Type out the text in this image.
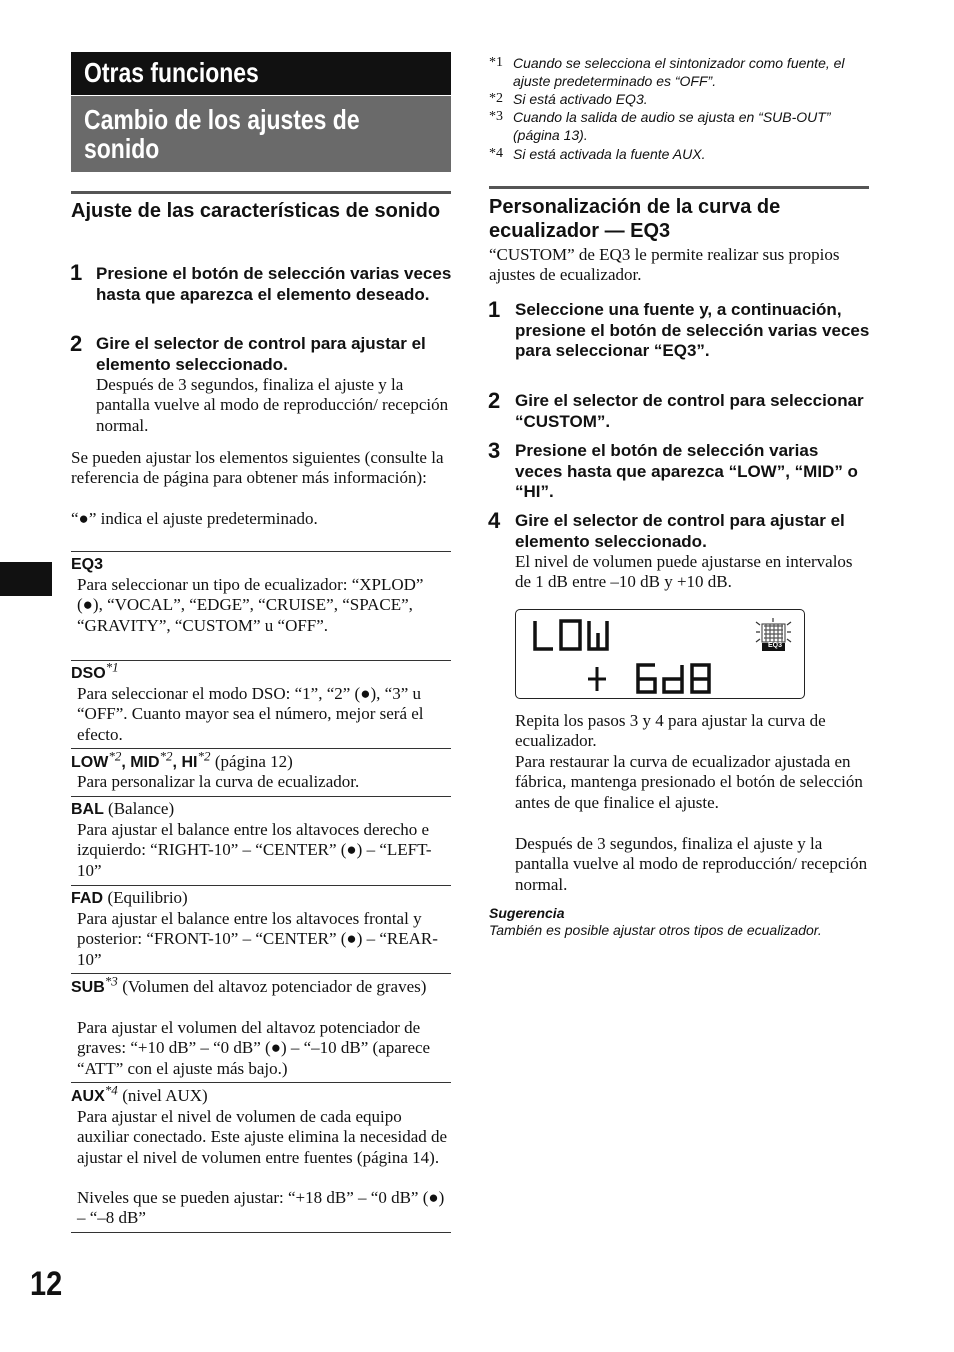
Otras funciones
Cambio de los ajustes de sonido
Ajuste de las características de sonido
1 Presione el botón de selección varias veces hasta que aparezca el elemento deseado.
2 Gire el selector de control para ajustar el elemento seleccionado.
Después de 3 segundos, finaliza el ajuste y la pantalla vuelve al modo de reproducción/ recepción normal.
Se pueden ajustar los elementos siguientes (consulte la referencia de página para obtener más información):
“●” indica el ajuste predeterminado.
EQ3
Para seleccionar un tipo de ecualizador: “XPLOD” (●), “VOCAL”, “EDGE”, “CRUISE”, “SPACE”, “GRAVITY”, “CUSTOM” u “OFF”.
DSO$^{*1}$
Para seleccionar el modo DSO: “1”, “2” (●), “3” u “OFF”. Cuanto mayor sea el número, mejor será el efecto.
LOW$^{*2}$, MID$^{*2}$, HI$^{*2}$ (página 12)
Para personalizar la curva de ecualizador.
BAL (Balance)
Para ajustar el balance entre los altavoces derecho e izquierdo: “RIGHT-10” – “CENTER” (●) – “LEFT-10”
FAD (Equilibrio)
Para ajustar el balance entre los altavoces frontal y posterior: “FRONT-10” – “CENTER” (●) – “REAR-10”
SUB$^{*3}$ (Volumen del altavoz potenciador de graves)
Para ajustar el volumen del altavoz potenciador de graves: “+10 dB” – “0 dB” (●) – “–10 dB” (aparece “ATT” con el ajuste más bajo.)
AUX$^{*4}$ (nivel AUX)
Para ajustar el nivel de volumen de cada equipo auxiliar conectado. Este ajuste elimina la necesidad de ajustar el nivel de volumen entre fuentes (página 14).
Niveles que se pueden ajustar: “+18 dB” – “0 dB” (●) – “–8 dB”
12
*1 Cuando se selecciona el sintonizador como fuente, el ajuste predeterminado es “OFF”.
*2 Si está activado EQ3.
*3 Cuando la salida de audio se ajusta en “SUB-OUT” (página 13).
*4 Si está activada la fuente AUX.
Personalización de la curva de ecualizador — EQ3
“CUSTOM” de EQ3 le permite realizar sus propios ajustes de ecualizador.
1 Seleccione una fuente y, a continuación, presione el botón de selección varias veces para seleccionar “EQ3”.
2 Gire el selector de control para seleccionar “CUSTOM”.
3 Presione el botón de selección varias veces hasta que aparezca “LOW”, “MID” o “HI”.
4 Gire el selector de control para ajustar el elemento seleccionado.
El nivel de volumen puede ajustarse en intervalos de 1 dB entre –10 dB y +10 dB.
EQ3
Repita los pasos 3 y 4 para ajustar la curva de ecualizador.
Para restaurar la curva de ecualizador ajustada en fábrica, mantenga presionado el botón de selección antes de que finalice el ajuste.
Después de 3 segundos, finaliza el ajuste y la pantalla vuelve al modo de reproducción/ recepción normal.
Sugerencia
También es posible ajustar otros tipos de ecualizador.
